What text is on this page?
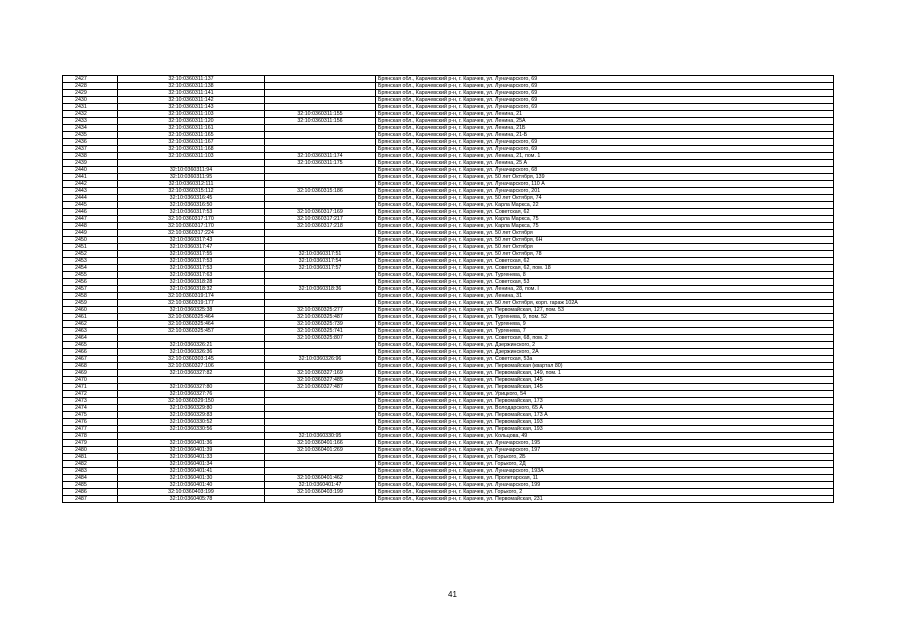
2427	32:10:0360311:137		Брянская обл., Карачевский р-н, г. Карачев, ул. Луначарского, 69
2428	32:10:0360311:138		Брянская обл., Карачевский р-н, г. Карачев, ул. Луначарского, 69
2429	32:10:0360311:141		Брянская обл., Карачевский р-н, г. Карачев, ул. Луначарского, 69
2430	32:10:0360311:142		Брянская обл., Карачевский р-н, г. Карачев, ул. Луначарского, 69
2431	32:10:0360311:143		Брянская обл., Карачевский р-н, г. Карачев, ул. Луначарского, 69
2432	32:10:0360311:103	32:10:0360311:155	Брянская обл., Карачевский р-н, г. Карачев, ул. Ленина, 21
2433	32:10:0360311:120	32:10:0360311:156	Брянская обл., Карачевский р-н, г. Карачев, ул. Ленина, 25А
2434	32:10:0360311:161		Брянская обл., Карачевский р-н, г. Карачев, ул. Ленина, 21Б
2435	32:10:0360311:165		Брянская обл., Карачевский р-н, г. Карачев, ул. Ленина, 21-Б
2436	32:10:0360311:167		Брянская обл., Карачевский р-н, г. Карачев, ул. Луначарского, 69
2437	32:10:0360311:168		Брянская обл., Карачевский р-н, г. Карачев, ул. Луначарского, 69
2438	32:10:0360311:103	32:10:0360311:174	Брянская обл., Карачевский р-н, г. Карачев, ул. Ленина, 21, пом. 1
2439		32:10:0360311:175	Брянская обл., Карачевский р-н, г. Карачев, ул. Ленина, 25 А
2440	32:10:0360311:94		Брянская обл., Карачевский р-н, г. Карачев, ул. Луначарского, 68
2441	32:10:0360311:95		Брянская обл., Карачевский р-н, г. Карачев, ул. 50 лет Октября, 139
2442	32:10:0360312:111		Брянская обл., Карачевский р-н, г. Карачев, ул. Луначарского, 110 А
2443	32:10:0360315:112	32:10:0360315:186	Брянская обл., Карачевский р-н, г. Карачев, ул. Луначарского, 201
2444	32:10:0360316:45		Брянская обл., Карачевский р-н, г. Карачев, ул. 50 лет Октября, 74
2445	32:10:0360316:50		Брянская обл., Карачевский р-н, г. Карачев, ул. Карла Маркса, 22
2446	32:10:0360317:53	32:10:0360317:169	Брянская обл., Карачевский р-н, г. Карачев, ул. Советская, 62
2447	32:10:0360317:170	32:10:0360317:217	Брянская обл., Карачевский р-н, г. Карачев, ул. Карла Маркса, 75
2448	32:10:0360317:170	32:10:0360317:218	Брянская обл., Карачевский р-н, г. Карачев, ул. Карла Маркса, 75
2449	32:10:0360317:224		Брянская обл., Карачевский р-н, г. Карачев, ул. 50 лет Октября
2450	32:10:0360317:43		Брянская обл., Карачевский р-н, г. Карачев, ул. 50 лет Октября, 6Н
2451	32:10:0360317:47		Брянская обл., Карачевский р-н, г. Карачев, ул. 50 лет Октября
2452	32:10:0360317:55	32:10:0360317:51	Брянская обл., Карачевский р-н, г. Карачев, ул. 50 лет Октября, 78
2453	32:10:0360317:53	32:10:0360317:54	Брянская обл., Карачевский р-н, г. Карачев, ул. Советская, 62
2454	32:10:0360317:53	32:10:0360317:57	Брянская обл., Карачевский р-н, г. Карачев, ул. Советская, 62, пом. 18
2455	32:10:0360317:63		Брянская обл., Карачевский р-н, г. Карачев, ул. Тургенева, 8
2456	32:10:0360318:28		Брянская обл., Карачевский р-н, г. Карачев, ул. Советская, 53
2457	32:10:0360318:32	32:10:0360318:36	Брянская обл., Карачевский р-н, г. Карачев, ул. Ленина, 28, пом. I
2458	32:10:0360319:174		Брянская обл., Карачевский р-н, г. Карачев, ул. Ленина, 31
2459	32:10:0360319:177		Брянская обл., Карачевский р-н, г. Карачев, ул. 50 лет Октября, корп. гараж 102А
2460	32:10:0360325:38	32:10:0360325:277	Брянская обл., Карачевский р-н, г. Карачев, ул. Первомайская, 127, пом. 53
2461	32:10:0360325:464	32:10:0360325:487	Брянская обл., Карачевский р-н, г. Карачев, ул. Тургенева, 9, пом. 52
2462	32:10:0360325:464	32:10:0360325:739	Брянская обл., Карачевский р-н, г. Карачев, ул. Тургенева, 9
2463	32:10:0360325:457	32:10:0360325:741	Брянская обл., Карачевский р-н, г. Карачев, ул. Тургенева, 7
2464		32:10:0360325:807	Брянская обл., Карачевский р-н, г. Карачев, ул. Советская, 68, пом. 2
2465	32:10:0360326:21		Брянская обл., Карачевский р-н, г. Карачев, ул. Дзержинского, 2
2466	32:10:0360326:36		Брянская обл., Карачевский р-н, г. Карачев, ул. Дзержинского, 2А
2467	32:10:0360303:145	32:10:0360326:96	Брянская обл., Карачевский р-н, г. Карачев, ул. Советская, 53а
2468	32:10:0360327:106		Брянская обл., Карачевский р-н, г. Карачев, ул. Первомайская (квартал 80)
2469	32:10:0360327:82	32:10:0360327:169	Брянская обл., Карачевский р-н, г. Карачев, ул. Первомайская, 149, пом. 1
2470		32:10:0360327:485	Брянская обл., Карачевский р-н, г. Карачев, ул. Первомайская, 145
2471	32:10:0360327:80	32:10:0360327:487	Брянская обл., Карачевский р-н, г. Карачев, ул. Первомайская, 145
2472	32:10:0360327:76		Брянская обл., Карачевский р-н, г. Карачев, ул. Урицкого, 54
2473	32:10:0360329:150		Брянская обл., Карачевский р-н, г. Карачев, ул. Первомайская, 173
2474	32:10:0360329:80		Брянская обл., Карачевский р-н, г. Карачев, ул. Володарского, 65 А
2475	32:10:0360329:83		Брянская обл., Карачевский р-н, г. Карачев, ул. Первомайская, 173 А
2476	32:10:0360330:52		Брянская обл., Карачевский р-н, г. Карачев, ул. Первомайская, 193
2477	32:10:0360330:56		Брянская обл., Карачевский р-н, г. Карачев, ул. Первомайская, 193
2478		32:10:0360330:95	Брянская обл., Карачевский р-н, г. Карачев, ул. Кольцова, 49
2479	32:10:0360401:36	32:10:0360401:166	Брянская обл., Карачевский р-н, г. Карачев, ул. Луначарского, 195
2480	32:10:0360401:39	32:10:0360401:269	Брянская обл., Карачевский р-н, г. Карачев, ул. Луначарского, 197
2481	32:10:0360401:33		Брянская обл., Карачевский р-н, г. Карачев, ул. Горького, 2Б
2482	32:10:0360401:34		Брянская обл., Карачевский р-н, г. Карачев, ул. Горького, 2Д
2483	32:10:0360401:41		Брянская обл., Карачевский р-н, г. Карачев, ул. Луначарского, 193А
2484	32:10:0360401:30	32:10:0360401:462	Брянская обл., Карачевский р-н, г. Карачев, ул. Пролетарская, 11
2485	32:10:0360401:40	32:10:0360401:47	Брянская обл., Карачевский р-н, г. Карачев, ул. Луначарского, 199
2486	32:10:0360403:199	32:10:0360403:199	Брянская обл., Карачевский р-н, г. Карачев, ул. Горького, 2
2487	32:10:0360405:78		Брянская обл., Карачевский р-н, г. Карачев, ул. Первомайская, 231
41
